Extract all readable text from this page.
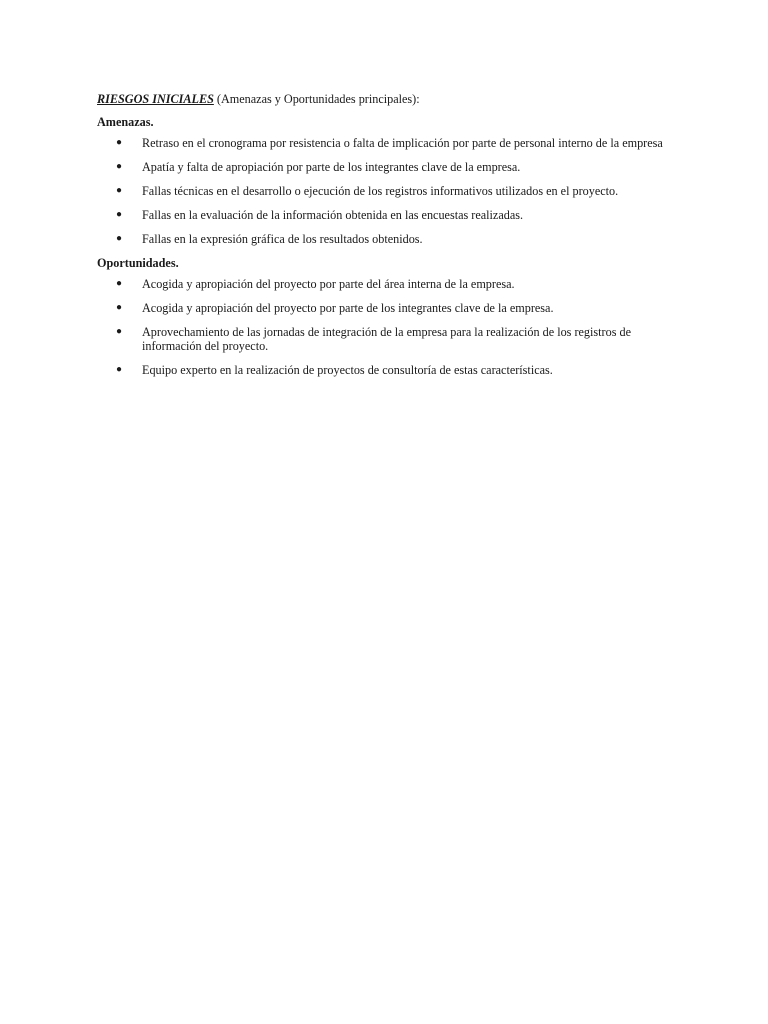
RIESGOS INICIALES (Amenazas y Oportunidades principales):

Amenazas.

● Retraso en el cronograma por resistencia o falta de implicación por parte de personal interno de la empresa
● Apatía y falta de apropiación por parte de los integrantes clave de la empresa.
● Fallas técnicas en el desarrollo o ejecución de los registros informativos utilizados en el proyecto.
● Fallas en la evaluación de la información obtenida en las encuestas realizadas.
● Fallas en la expresión gráfica de los resultados obtenidos.

Oportunidades.

● Acogida y apropiación del proyecto por parte del área interna de la empresa.
● Acogida y apropiación del proyecto por parte de los integrantes clave de la empresa.
● Aprovechamiento de las jornadas de integración de la empresa para la realización de los registros de información del proyecto.
● Equipo experto en la realización de proyectos de consultoría de estas características.
